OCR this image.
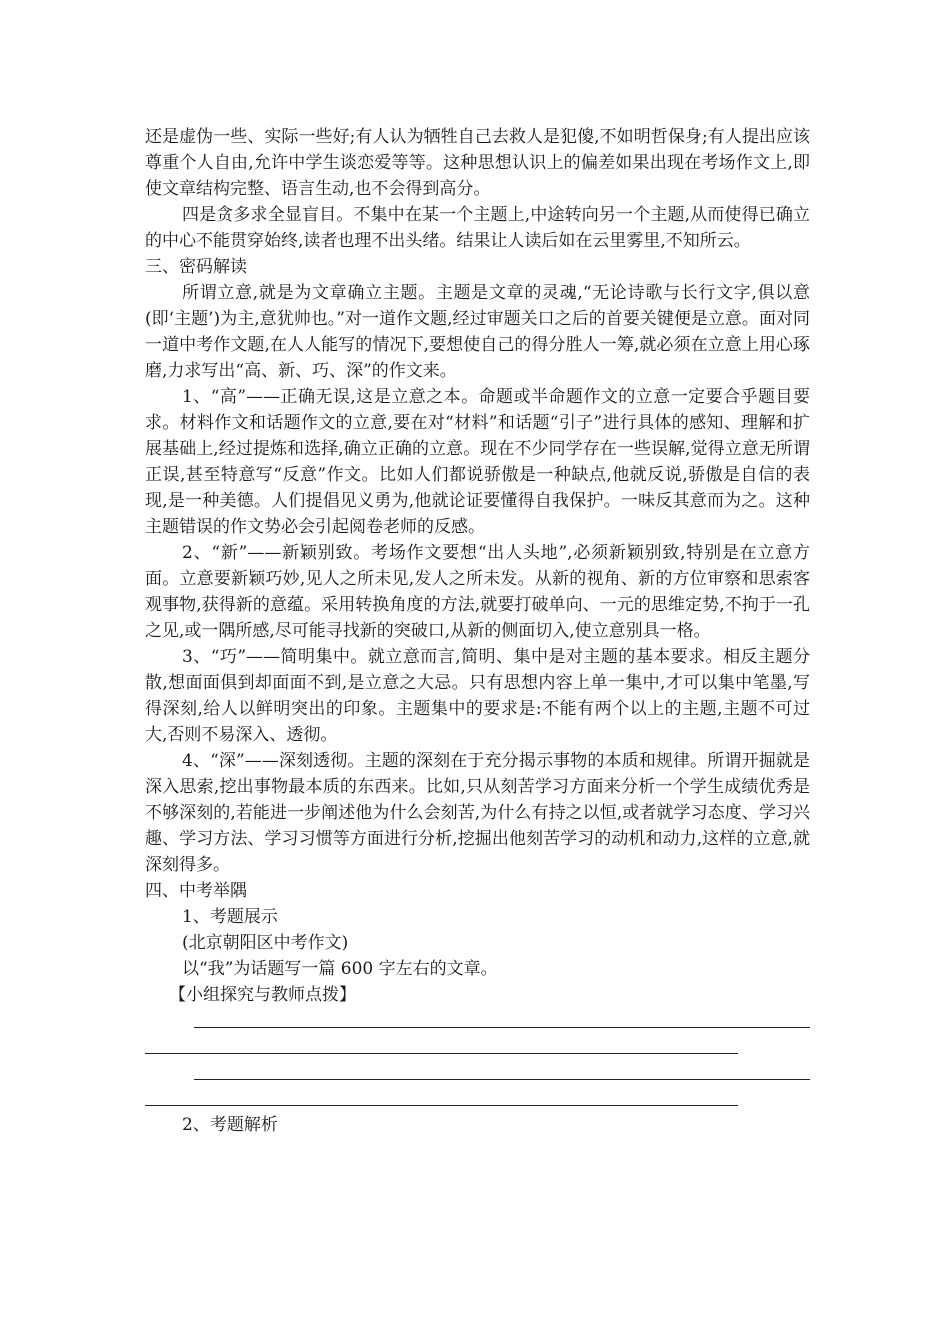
还是虚伪一些、实际一些好;有人认为牺牲自己去救人是犯傻,不如明哲保身;有人提出应该尊重个人自由,允许中学生谈恋爱等等。这种思想认识上的偏差如果出现在考场作文上,即使文章结构完整、语言生动,也不会得到高分。

四是贪多求全显盲目。不集中在某一个主题上,中途转向另一个主题,从而使得已确立的中心不能贯穿始终,读者也理不出头绪。结果让人读后如在云里雾里,不知所云。

三、密码解读

所谓立意,就是为文章确立主题。主题是文章的灵魂,“无论诗歌与长行文字,俱以意(即‘主题’)为主,意犹帅也。”对一道作文题,经过审题关口之后的首要关键便是立意。面对同一道中考作文题,在人人能写的情况下,要想使自己的得分胜人一筹,就必须在立意上用心琢磨,力求写出“高、新、巧、深”的作文来。

1、“高”——正确无误,这是立意之本。命题或半命题作文的立意一定要合乎题目要求。材料作文和话题作文的立意,要在对“材料”和话题“引子”进行具体的感知、理解和扩展基础上,经过提炼和选择,确立正确的立意。现在不少同学存在一些误解,觉得立意无所谓正误,甚至特意写“反意”作文。比如人们都说骄傲是一种缺点,他就反说,骄傲是自信的表现,是一种美德。人们提倡见义勇为,他就论证要懂得自我保护。一味反其意而为之。这种主题错误的作文势必会引起阅卷老师的反感。

2、“新”——新颖别致。考场作文要想“出人头地”,必须新颖别致,特别是在立意方面。立意要新颖巧妙,见人之所未见,发人之所未发。从新的视角、新的方位审察和思索客观事物,获得新的意蕴。采用转换角度的方法,就要打破单向、一元的思维定势,不拘于一孔之见,或一隅所感,尽可能寻找新的突破口,从新的侧面切入,使立意别具一格。

3、“巧”——简明集中。就立意而言,简明、集中是对主题的基本要求。相反主题分散,想面面俱到却面面不到,是立意之大忌。只有思想内容上单一集中,才可以集中笔墨,写得深刻,给人以鲜明突出的印象。主题集中的要求是:不能有两个以上的主题,主题不可过大,否则不易深入、透彻。

4、“深”——深刻透彻。主题的深刻在于充分揭示事物的本质和规律。所谓开掘就是深入思索,挖出事物最本质的东西来。比如,只从刻苦学习方面来分析一个学生成绩优秀是不够深刻的,若能进一步阐述他为什么会刻苦,为什么有持之以恒,或者就学习态度、学习兴趣、学习方法、学习习惯等方面进行分析,挖掘出他刻苦学习的动机和动力,这样的立意,就深刻得多。

四、中考举隅

1、考题展示

(北京朝阳区中考作文)

以“我”为话题写一篇 600 字左右的文章。

【小组探究与教师点拨】

2、考题解析
